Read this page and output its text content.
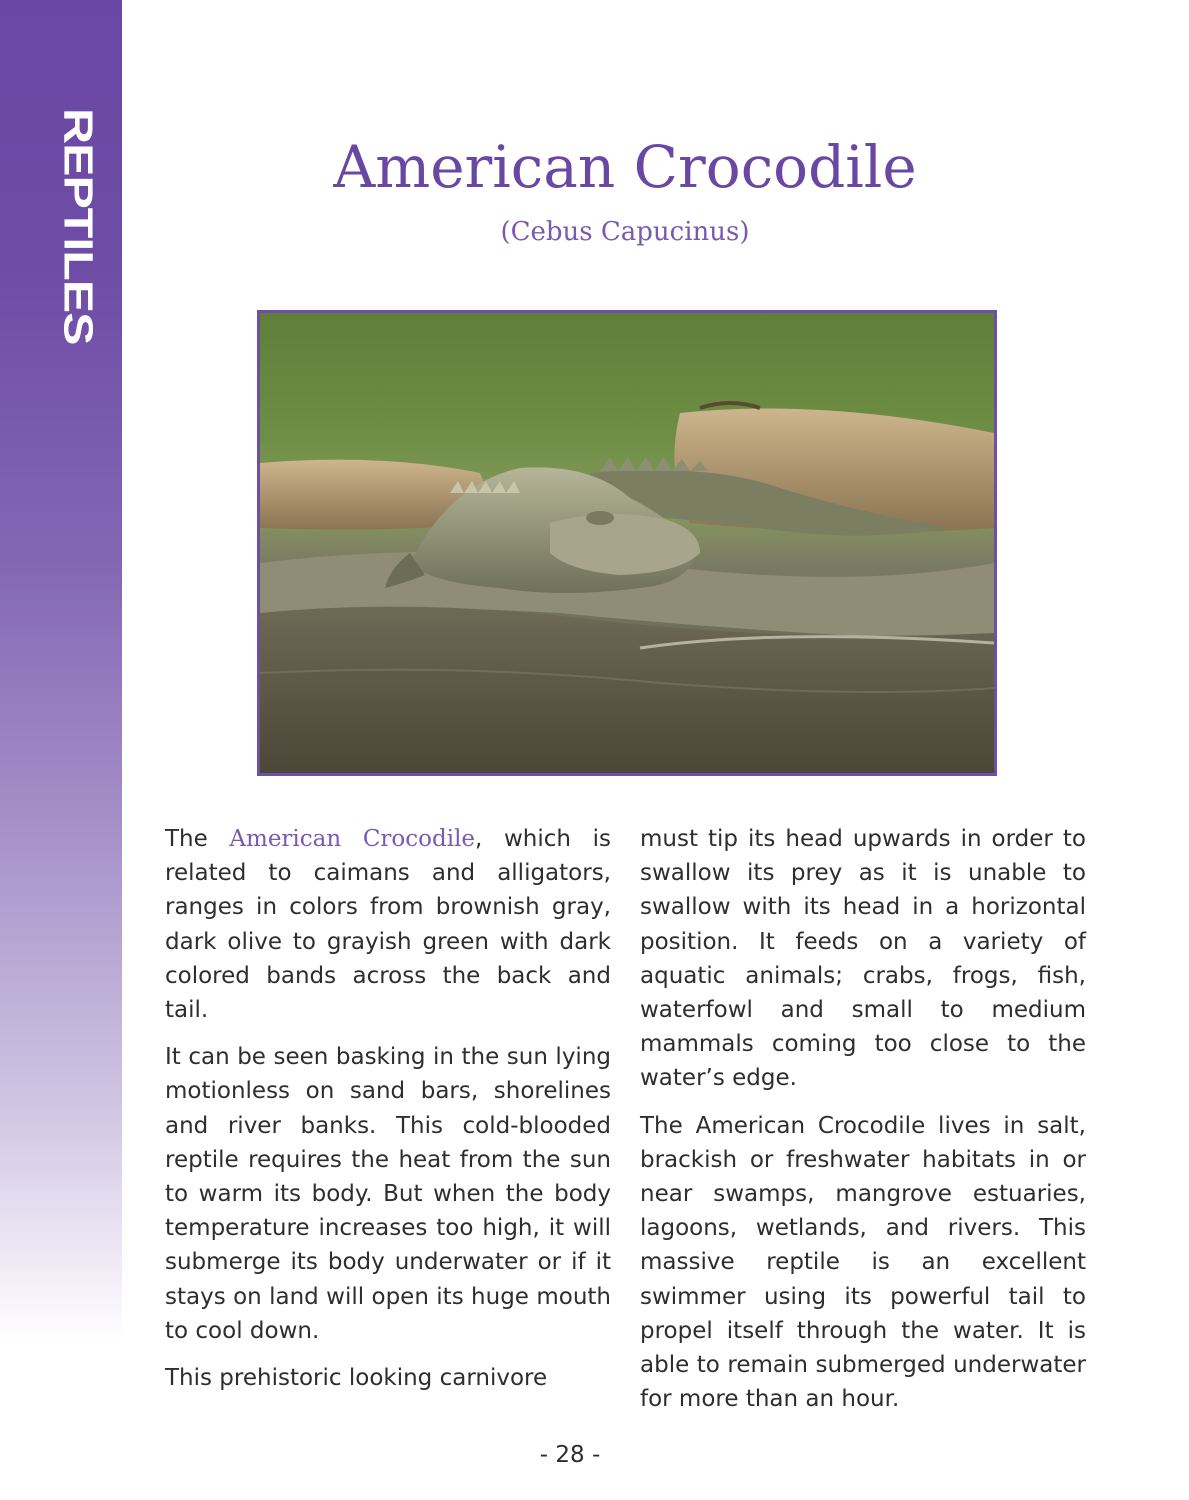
REPTILES	American Crocodile
(Cebus Capucinus)

The American Crocodile, which is related to caimans and alligators, ranges in colors from brownish gray, dark olive to grayish green with dark colored bands across the back and tail.

It can be seen basking in the sun lying motionless on sand bars, shorelines and river banks. This cold-blooded reptile requires the heat from the sun to warm its body. But when the body temperature increases too high, it will submerge its body underwater or if it stays on land will open its huge mouth to cool down.

This prehistoric looking carnivore

must tip its head upwards in order to swallow its prey as it is unable to swallow with its head in a horizontal position. It feeds on a variety of aquatic animals; crabs, frogs, fish, waterfowl and small to medium mammals coming too close to the water’s edge.

The American Crocodile lives in salt, brackish or freshwater habitats in or near swamps, mangrove estuaries, lagoons, wetlands, and rivers. This massive reptile is an excellent swimmer using its powerful tail to propel itself through the water. It is able to remain submerged underwater for more than an hour.

- 28 -
